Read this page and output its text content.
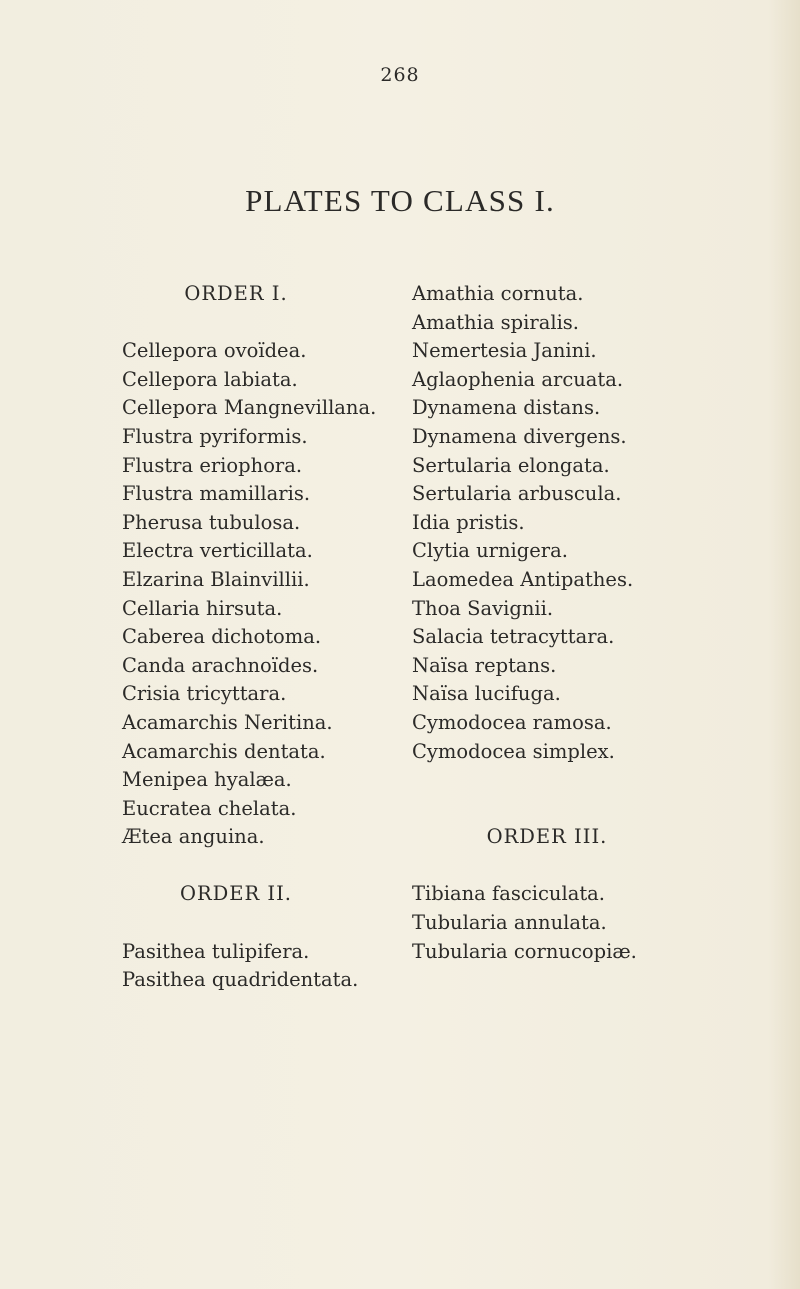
268
PLATES TO CLASS I.
ORDER I.
Cellepora ovoïdea.
Cellepora labiata.
Cellepora Mangnevillana.
Flustra pyriformis.
Flustra eriophora.
Flustra mamillaris.
Pherusa tubulosa.
Electra verticillata.
Elzarina Blainvillii.
Cellaria hirsuta.
Caberea dichotoma.
Canda arachnoïdes.
Crisia tricyttara.
Acamarchis Neritina.
Acamarchis dentata.
Menipea hyalæa.
Eucratea chelata.
Ætea anguina.
ORDER II.
Pasithea tulipifera.
Pasithea quadridentata.
Amathia cornuta.
Amathia spiralis.
Nemertesia Janini.
Aglaophenia arcuata.
Dynamena distans.
Dynamena divergens.
Sertularia elongata.
Sertularia arbuscula.
Idia pristis.
Clytia urnigera.
Laomedea Antipathes.
Thoa Savignii.
Salacia tetracyttara.
Naïsa reptans.
Naïsa lucifuga.
Cymodocea ramosa.
Cymodocea simplex.
ORDER III.
Tibiana fasciculata.
Tubularia annulata.
Tubularia cornucopiæ.
